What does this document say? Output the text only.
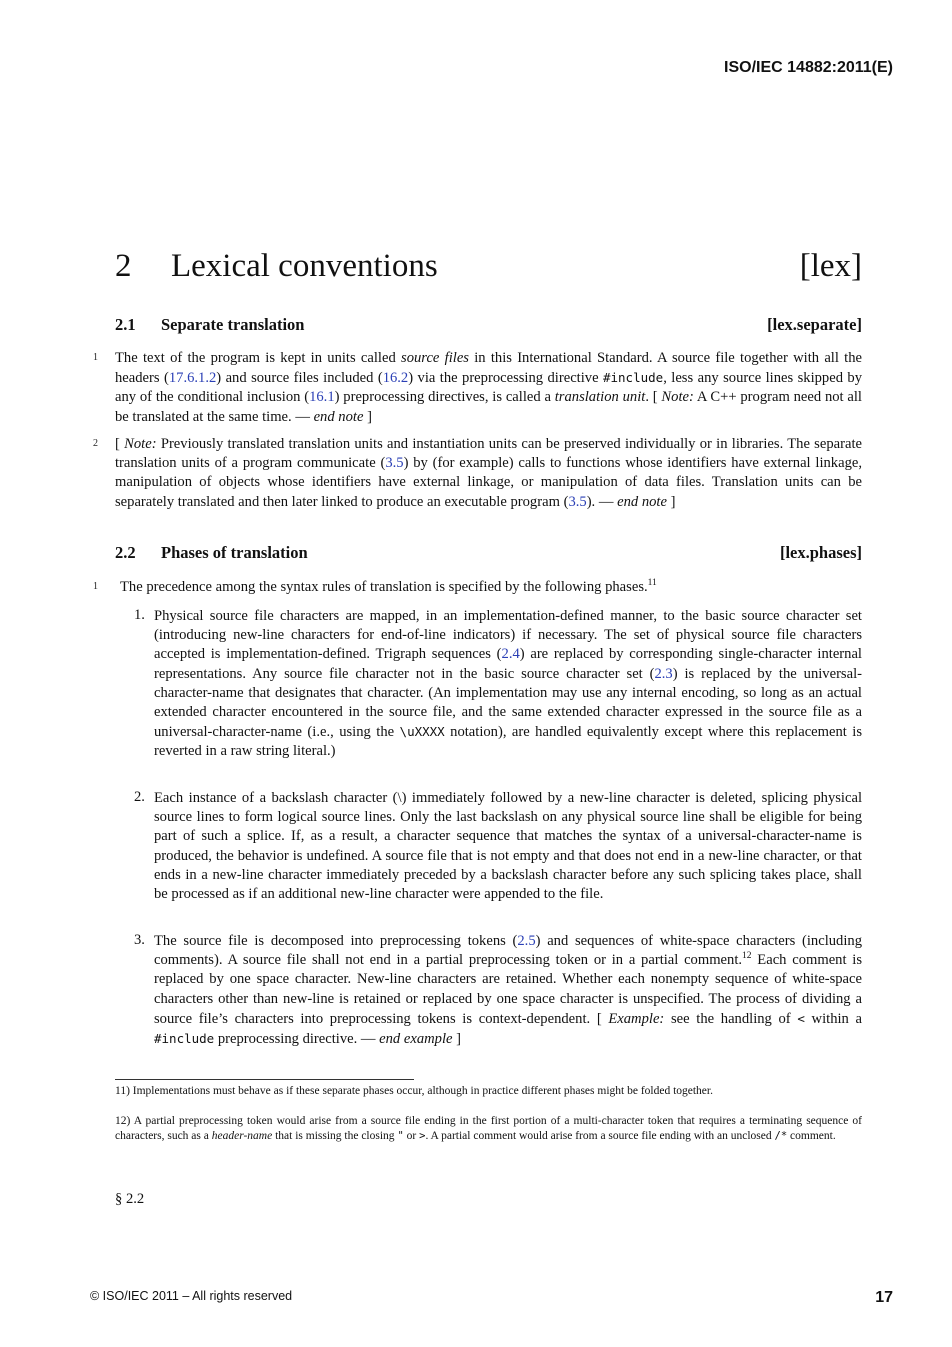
ISO/IEC 14882:2011(E)
2 Lexical conventions	[lex]
2.1 Separate translation	[lex.separate]
1 The text of the program is kept in units called source files in this International Standard. A source file together with all the headers (17.6.1.2) and source files included (16.2) via the preprocessing directive #include, less any source lines skipped by any of the conditional inclusion (16.1) preprocessing directives, is called a translation unit. [ Note: A C++ program need not all be translated at the same time. — end note ]

2 [ Note: Previously translated translation units and instantiation units can be preserved individually or in libraries. The separate translation units of a program communicate (3.5) by (for example) calls to functions whose identifiers have external linkage, manipulation of objects whose identifiers have external linkage, or manipulation of data files. Translation units can be separately translated and then later linked to produce an executable program (3.5). — end note ]

2.2 Phases of translation	[lex.phases]
1 The precedence among the syntax rules of translation is specified by the following phases.$^{11}$

1. Physical source file characters are mapped, in an implementation-defined manner, to the basic source character set (introducing new-line characters for end-of-line indicators) if necessary. The set of physical source file characters accepted is implementation-defined. Trigraph sequences (2.4) are replaced by corresponding single-character internal representations. Any source file character not in the basic source character set (2.3) is replaced by the universal-character-name that designates that character. (An implementation may use any internal encoding, so long as an actual extended character encountered in the source file, and the same extended character expressed in the source file as a universal-character-name (i.e., using the \uXXXX notation), are handled equivalently except where this replacement is reverted in a raw string literal.)

2. Each instance of a backslash character (\) immediately followed by a new-line character is deleted, splicing physical source lines to form logical source lines. Only the last backslash on any physical source line shall be eligible for being part of such a splice. If, as a result, a character sequence that matches the syntax of a universal-character-name is produced, the behavior is undefined. A source file that is not empty and that does not end in a new-line character, or that ends in a new-line character immediately preceded by a backslash character before any such splicing takes place, shall be processed as if an additional new-line character were appended to the file.

3. The source file is decomposed into preprocessing tokens (2.5) and sequences of white-space characters (including comments). A source file shall not end in a partial preprocessing token or in a partial comment.$^{12}$ Each comment is replaced by one space character. New-line characters are retained. Whether each nonempty sequence of white-space characters other than new-line is retained or replaced by one space character is unspecified. The process of dividing a source file’s characters into preprocessing tokens is context-dependent. [ Example: see the handling of < within a #include preprocessing directive. — end example ]

11) Implementations must behave as if these separate phases occur, although in practice different phases might be folded together.

12) A partial preprocessing token would arise from a source file ending in the first portion of a multi-character token that requires a terminating sequence of characters, such as a header-name that is missing the closing " or >. A partial comment would arise from a source file ending with an unclosed /* comment.

§ 2.2
© ISO/IEC 2011 – All rights reserved	17
